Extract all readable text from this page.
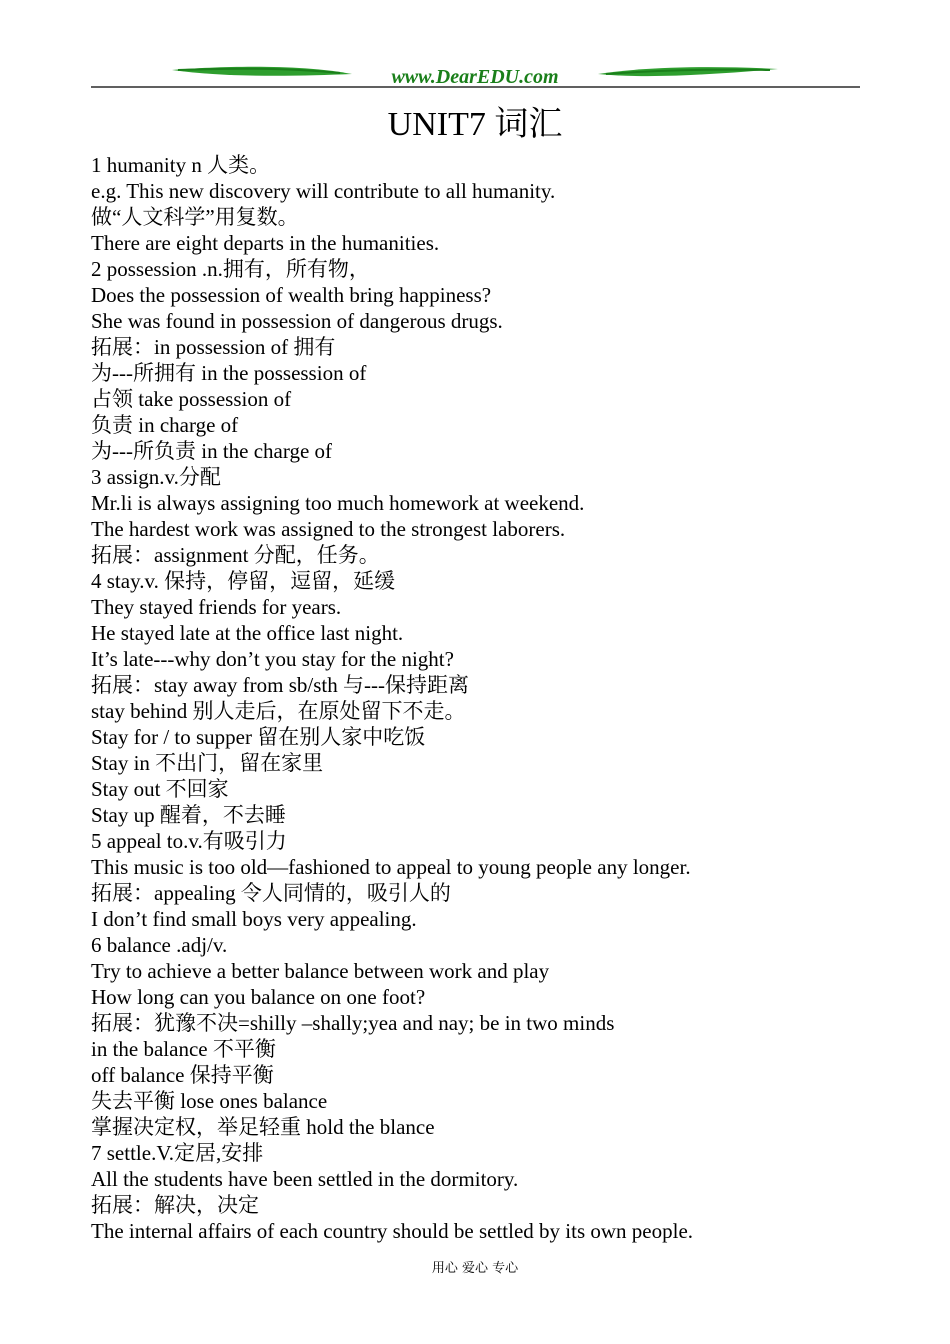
www.DearEDU.com
UNIT7 词汇
1 humanity n 人类。
e.g. This new discovery will contribute to all humanity.
做“人文科学”用复数。
There are eight departs in the humanities.
2 possession .n.拥有，所有物，
Does the possession of wealth bring happiness?
She was found in possession of dangerous drugs.
拓展：in possession of 拥有
为---所拥有 in the possession of
占领 take possession of
负责 in charge of
为---所负责 in the charge of
3 assign.v.分配
Mr.li is always assigning too much homework at weekend.
The hardest work was assigned to the strongest laborers.
拓展：assignment 分配，任务。
4 stay.v. 保持，停留，逗留，延缓
They stayed friends for years.
He stayed late at the office last night.
It’s late---why don’t you stay for the night?
拓展：stay away from sb/sth 与---保持距离
stay behind 别人走后，在原处留下不走。
Stay for / to supper 留在别人家中吃饭
Stay in 不出门，留在家里
Stay out 不回家
Stay up 醒着，不去睡
5 appeal to.v.有吸引力
This music is too old—fashioned to appeal to young people any longer.
拓展：appealing 令人同情的，吸引人的
I don’t find small boys very appealing.
6 balance .adj/v.
Try to achieve a better balance between work and play
How long can you balance on one foot?
拓展：犹豫不决=shilly –shally;yea and nay; be in two minds
in the balance 不平衡
off balance 保持平衡
失去平衡 lose ones balance
掌握决定权，举足轻重 hold the blance
7 settle.V.定居,安排
All the students have been settled in the dormitory.
拓展：解决，决定
The internal affairs of each country should be settled by its own people.
用心 爱心 专心
